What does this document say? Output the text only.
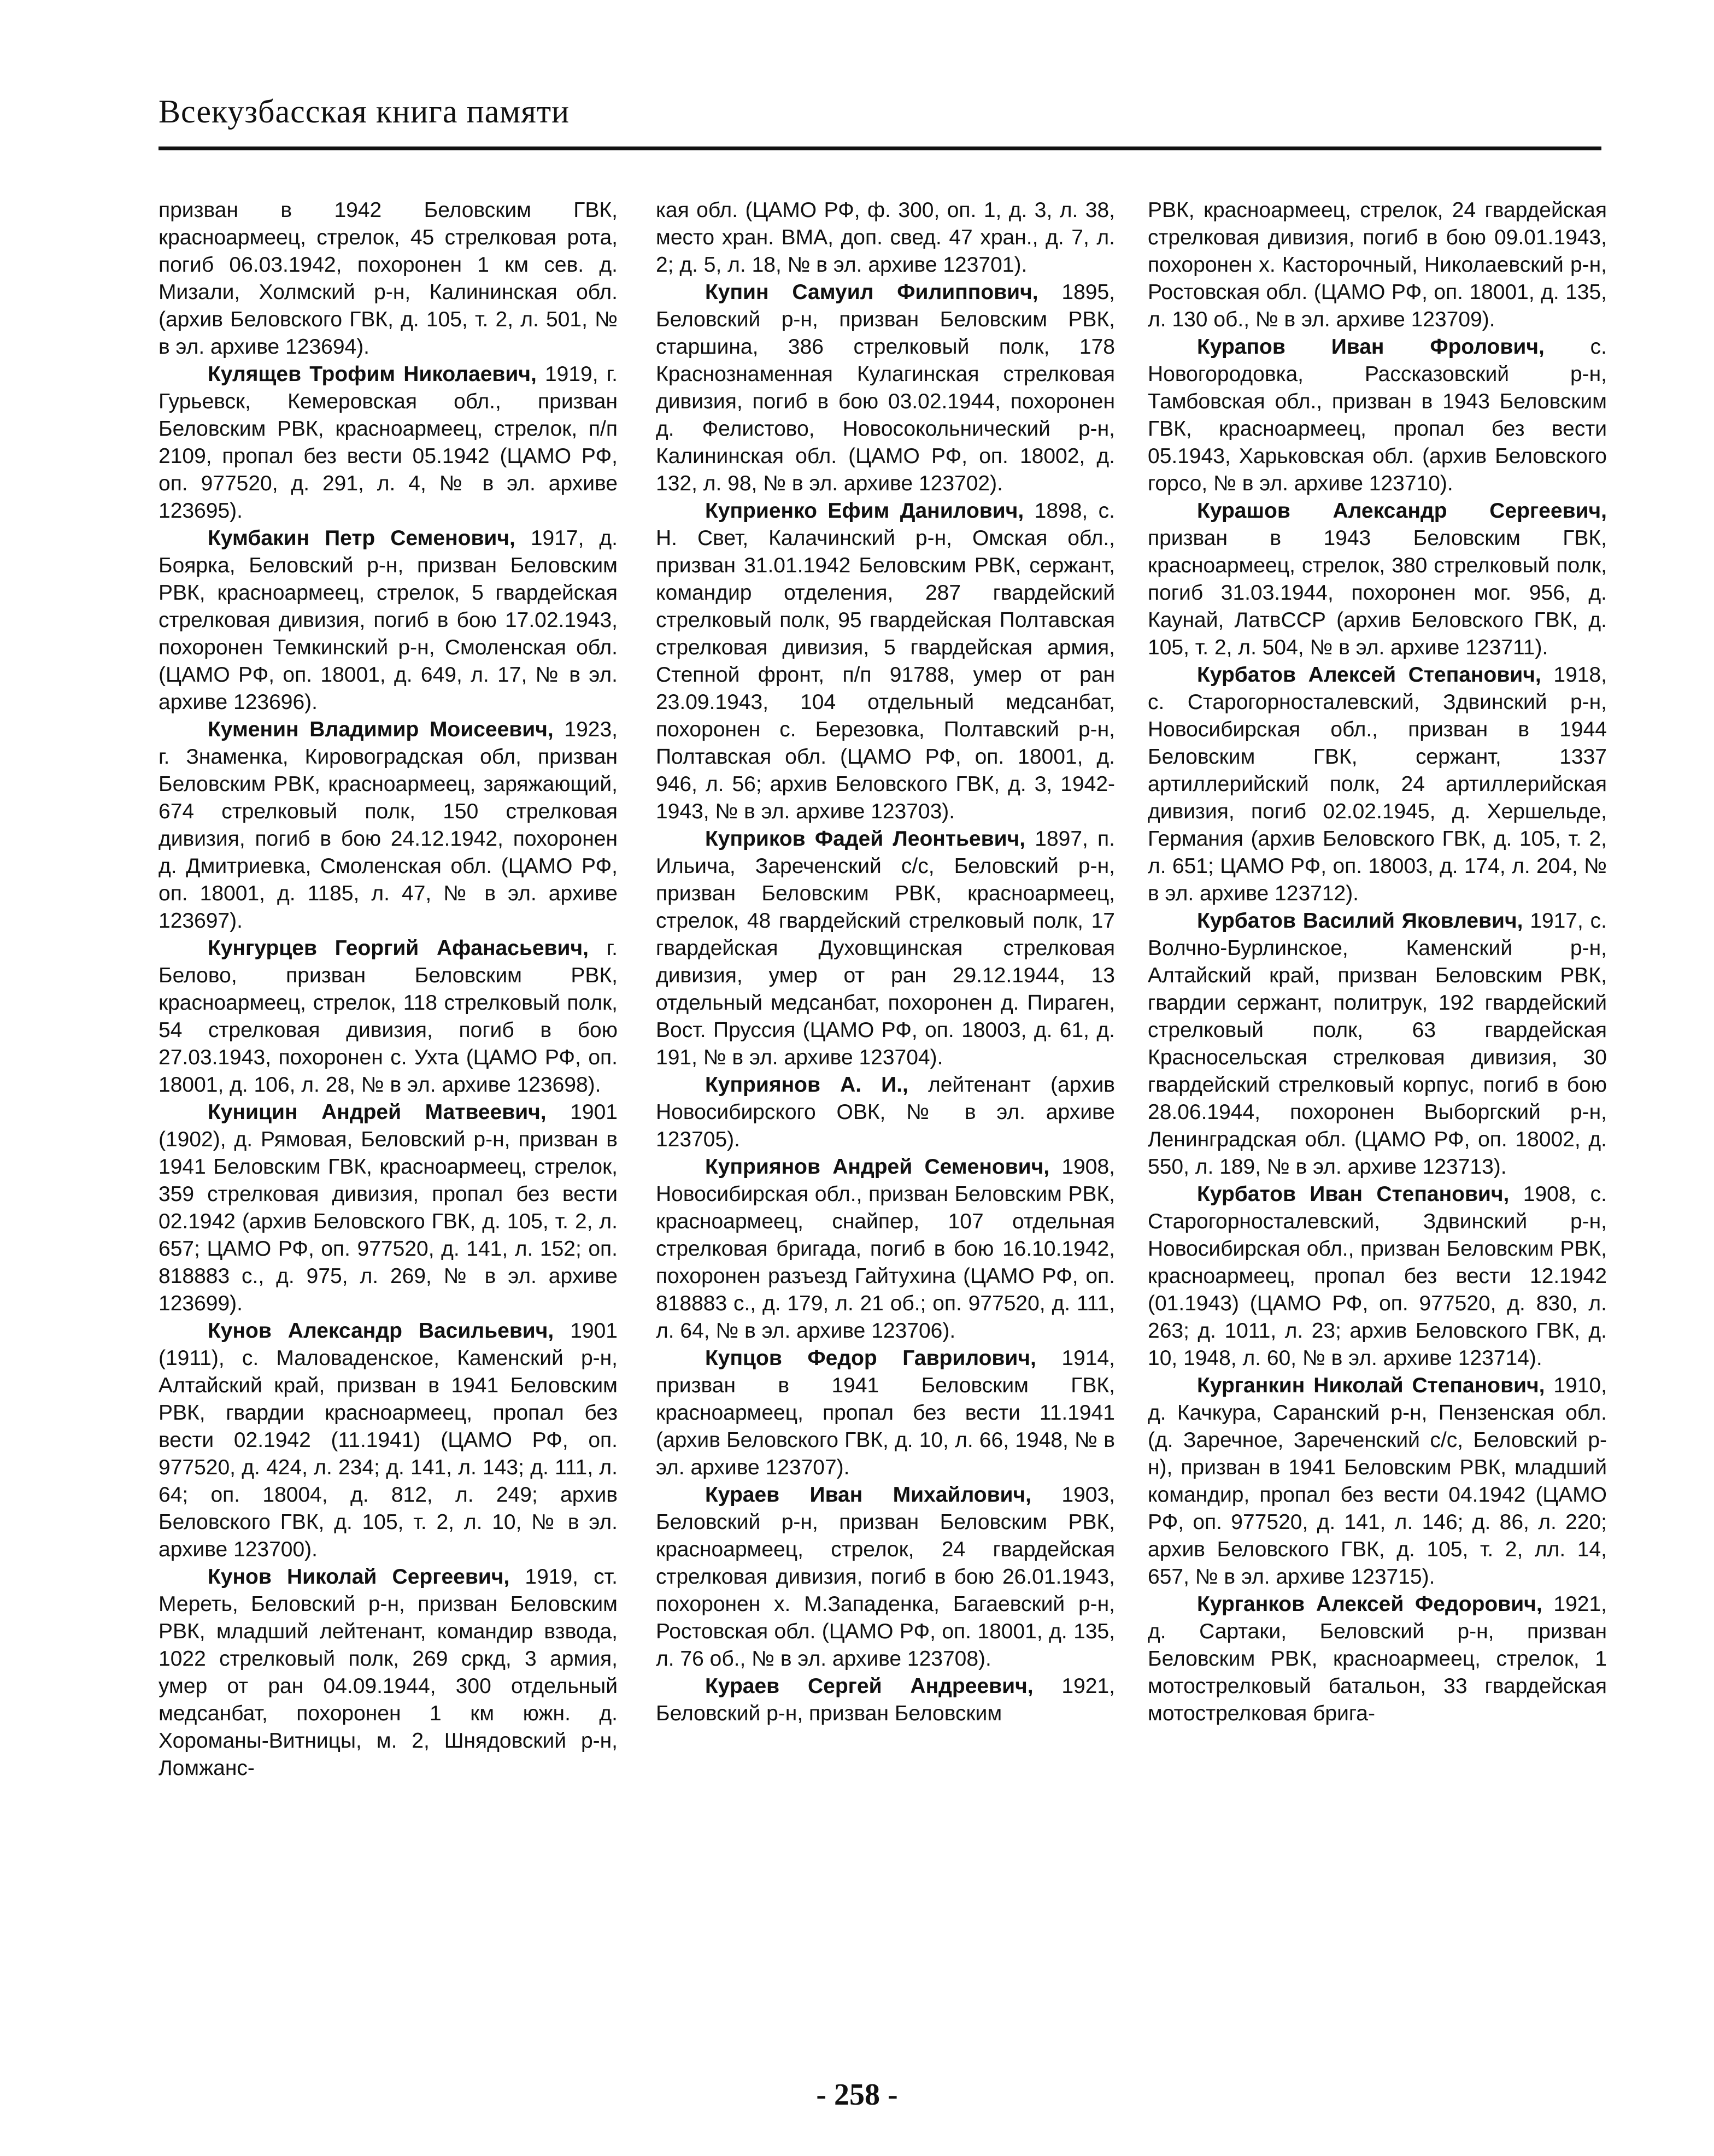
Всекузбасская книга памяти

призван в 1942 Беловским ГВК, красноармеец, стрелок, 45 стрелковая рота, погиб 06.03.1942, похоронен 1 км сев. д. Мизали, Холмский р-н, Калининская обл. (архив Беловского ГВК, д. 105, т. 2, л. 501, № в эл. архиве 123694).

Кулящев Трофим Николаевич, 1919, г. Гурьевск, Кемеровская обл., призван Беловским РВК, красноармеец, стрелок, п/п 2109, пропал без вести 05.1942 (ЦАМО РФ, оп. 977520, д. 291, л. 4, № в эл. архиве 123695).

Кумбакин Петр Семенович, 1917, д. Боярка, Беловский р-н, призван Беловским РВК, красноармеец, стрелок, 5 гвардейская стрелковая дивизия, погиб в бою 17.02.1943, похоронен Темкинский р-н, Смоленская обл. (ЦАМО РФ, оп. 18001, д. 649, л. 17, № в эл. архиве 123696).

Куменин Владимир Моисеевич, 1923, г. Знаменка, Кировоградская обл, призван Беловским РВК, красноармеец, заряжающий, 674 стрелковый полк, 150 стрелковая дивизия, погиб в бою 24.12.1942, похоронен д. Дмитриевка, Смоленская обл. (ЦАМО РФ, оп. 18001, д. 1185, л. 47, № в эл. архиве 123697).

Кунгурцев Георгий Афанасьевич, г. Белово, призван Беловским РВК, красноармеец, стрелок, 118 стрелковый полк, 54 стрелковая дивизия, погиб в бою 27.03.1943, похоронен с. Ухта (ЦАМО РФ, оп. 18001, д. 106, л. 28, № в эл. архиве 123698).

Куницин Андрей Матвеевич, 1901 (1902), д. Рямовая, Беловский р-н, призван в 1941 Беловским ГВК, красноармеец, стрелок, 359 стрелковая дивизия, пропал без вести 02.1942 (архив Беловского ГВК, д. 105, т. 2, л. 657; ЦАМО РФ, оп. 977520, д. 141, л. 152; оп. 818883 с., д. 975, л. 269, № в эл. архиве 123699).

Кунов Александр Васильевич, 1901 (1911), с. Маловаденское, Каменский р-н, Алтайский край, призван в 1941 Беловским РВК, гвардии красноармеец, пропал без вести 02.1942 (11.1941) (ЦАМО РФ, оп. 977520, д. 424, л. 234; д. 141, л. 143; д. 111, л. 64; оп. 18004, д. 812, л. 249; архив Беловского ГВК, д. 105, т. 2, л. 10, № в эл. архиве 123700).

Кунов Николай Сергеевич, 1919, ст. Мереть, Беловский р-н, призван Беловским РВК, младший лейтенант, командир взвода, 1022 стрелковый полк, 269 сркд, 3 армия, умер от ран 04.09.1944, 300 отдельный медсанбат, похоронен 1 км южн. д. Хороманы-Витницы, м. 2, Шнядовский р-н, Ломжанс-

кая обл. (ЦАМО РФ, ф. 300, оп. 1, д. 3, л. 38, место хран. ВМА, доп. свед. 47 хран., д. 7, л. 2; д. 5, л. 18, № в эл. архиве 123701).

Купин Самуил Филиппович, 1895, Беловский р-н, призван Беловским РВК, старшина, 386 стрелковый полк, 178 Краснознаменная Кулагинская стрелковая дивизия, погиб в бою 03.02.1944, похоронен д. Фелистово, Новосокольнический р-н, Калининская обл. (ЦАМО РФ, оп. 18002, д. 132, л. 98, № в эл. архиве 123702).

Куприенко Ефим Данилович, 1898, с. Н. Свет, Калачинский р-н, Омская обл., призван 31.01.1942 Беловским РВК, сержант, командир отделения, 287 гвардейский стрелковый полк, 95 гвардейская Полтавская стрелковая дивизия, 5 гвардейская армия, Степной фронт, п/п 91788, умер от ран 23.09.1943, 104 отдельный медсанбат, похоронен с. Березовка, Полтавский р-н, Полтавская обл. (ЦАМО РФ, оп. 18001, д. 946, л. 56; архив Беловского ГВК, д. 3, 1942-1943, № в эл. архиве 123703).

Куприков Фадей Леонтьевич, 1897, п. Ильича, Зареченский с/с, Беловский р-н, призван Беловским РВК, красноармеец, стрелок, 48 гвардейский стрелковый полк, 17 гвардейская Духовщинская стрелковая дивизия, умер от ран 29.12.1944, 13 отдельный медсанбат, похоронен д. Пираген, Вост. Пруссия (ЦАМО РФ, оп. 18003, д. 61, д. 191, № в эл. архиве 123704).

Куприянов А. И., лейтенант (архив Новосибирского ОВК, № в эл. архиве 123705).

Куприянов Андрей Семенович, 1908, Новосибирская обл., призван Беловским РВК, красноармеец, снайпер, 107 отдельная стрелковая бригада, погиб в бою 16.10.1942, похоронен разъезд Гайтухина (ЦАМО РФ, оп. 818883 с., д. 179, л. 21 об.; оп. 977520, д. 111, л. 64, № в эл. архиве 123706).

Купцов Федор Гаврилович, 1914, призван в 1941 Беловским ГВК, красноармеец, пропал без вести 11.1941 (архив Беловского ГВК, д. 10, л. 66, 1948, № в эл. архиве 123707).

Кураев Иван Михайлович, 1903, Беловский р-н, призван Беловским РВК, красноармеец, стрелок, 24 гвардейская стрелковая дивизия, погиб в бою 26.01.1943, похоронен х. М.Западенка, Багаевский р-н, Ростовская обл. (ЦАМО РФ, оп. 18001, д. 135, л. 76 об., № в эл. архиве 123708).

Кураев Сергей Андреевич, 1921, Беловский р-н, призван Беловским

РВК, красноармеец, стрелок, 24 гвардейская стрелковая дивизия, погиб в бою 09.01.1943, похоронен х. Касторочный, Николаевский р-н, Ростовская обл. (ЦАМО РФ, оп. 18001, д. 135, л. 130 об., № в эл. архиве 123709).

Курапов Иван Фролович, с. Новогородовка, Рассказовский р-н, Тамбовская обл., призван в 1943 Беловским ГВК, красноармеец, пропал без вести 05.1943, Харьковская обл. (архив Беловского горсо, № в эл. архиве 123710).

Курашов Александр Сергеевич, призван в 1943 Беловским ГВК, красноармеец, стрелок, 380 стрелковый полк, погиб 31.03.1944, похоронен мог. 956, д. Каунай, ЛатвССР (архив Беловского ГВК, д. 105, т. 2, л. 504, № в эл. архиве 123711).

Курбатов Алексей Степанович, 1918, с. Старогорносталевский, Здвинский р-н, Новосибирская обл., призван в 1944 Беловским ГВК, сержант, 1337 артиллерийский полк, 24 артиллерийская дивизия, погиб 02.02.1945, д. Хершельде, Германия (архив Беловского ГВК, д. 105, т. 2, л. 651; ЦАМО РФ, оп. 18003, д. 174, л. 204, № в эл. архиве 123712).

Курбатов Василий Яковлевич, 1917, с. Волчно-Бурлинское, Каменский р-н, Алтайский край, призван Беловским РВК, гвардии сержант, политрук, 192 гвардейский стрелковый полк, 63 гвардейская Красносельская стрелковая дивизия, 30 гвардейский стрелковый корпус, погиб в бою 28.06.1944, похоронен Выборгский р-н, Ленинградская обл. (ЦАМО РФ, оп. 18002, д. 550, л. 189, № в эл. архиве 123713).

Курбатов Иван Степанович, 1908, с. Старогорносталевский, Здвинский р-н, Новосибирская обл., призван Беловским РВК, красноармеец, пропал без вести 12.1942 (01.1943) (ЦАМО РФ, оп. 977520, д. 830, л. 263; д. 1011, л. 23; архив Беловского ГВК, д. 10, 1948, л. 60, № в эл. архиве 123714).

Курганкин Николай Степанович, 1910, д. Качкура, Саранский р-н, Пензенская обл. (д. Заречное, Зареченский с/с, Беловский р-н), призван в 1941 Беловским РВК, младший командир, пропал без вести 04.1942 (ЦАМО РФ, оп. 977520, д. 141, л. 146; д. 86, л. 220; архив Беловского ГВК, д. 105, т. 2, лл. 14, 657, № в эл. архиве 123715).

Курганков Алексей Федорович, 1921, д. Сартаки, Беловский р-н, призван Беловским РВК, красноармеец, стрелок, 1 мотострелковый батальон, 33 гвардейская мотострелковая брига-

- 258 -
